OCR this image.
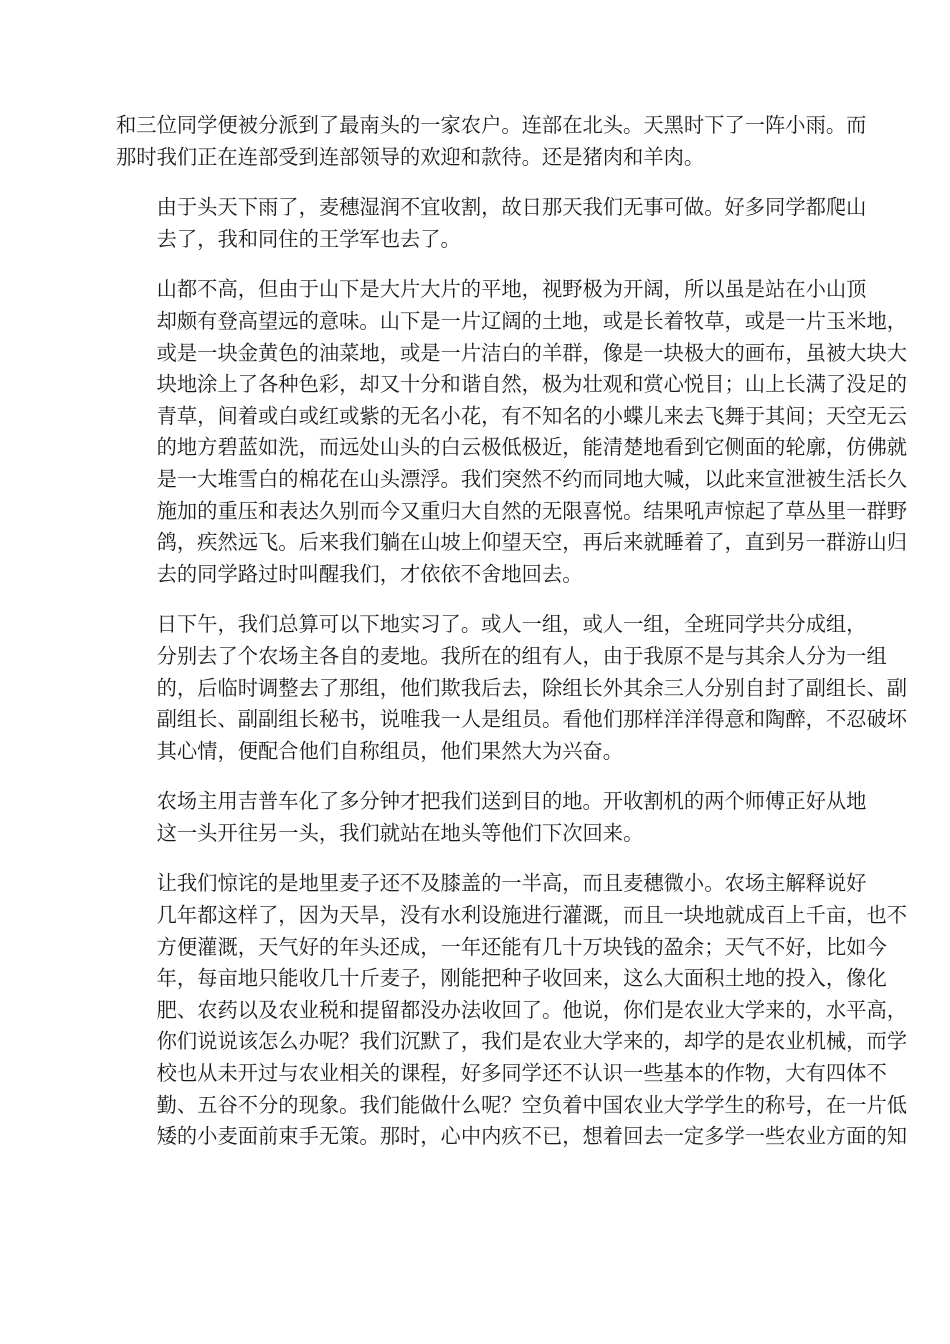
和三位同学便被分派到了最南头的一家农户。连部在北头。天黑时下了一阵小雨。而
那时我们正在连部受到连部领导的欢迎和款待。还是猪肉和羊肉。

由于头天下雨了，麦穗湿润不宜收割，故日那天我们无事可做。好多同学都爬山
去了，我和同住的王学军也去了。

山都不高，但由于山下是大片大片的平地，视野极为开阔，所以虽是站在小山顶
却颇有登高望远的意味。山下是一片辽阔的土地，或是长着牧草，或是一片玉米地，
或是一块金黄色的油菜地，或是一片洁白的羊群，像是一块极大的画布，虽被大块大
块地涂上了各种色彩，却又十分和谐自然，极为壮观和赏心悦目；山上长满了没足的
青草，间着或白或红或紫的无名小花，有不知名的小蝶儿来去飞舞于其间；天空无云
的地方碧蓝如洗，而远处山头的白云极低极近，能清楚地看到它侧面的轮廓，仿佛就
是一大堆雪白的棉花在山头漂浮。我们突然不约而同地大喊，以此来宣泄被生活长久
施加的重压和表达久别而今又重归大自然的无限喜悦。结果吼声惊起了草丛里一群野
鸽，疾然远飞。后来我们躺在山坡上仰望天空，再后来就睡着了，直到另一群游山归
去的同学路过时叫醒我们，才依依不舍地回去。

日下午，我们总算可以下地实习了。或人一组，或人一组，全班同学共分成组，
分别去了个农场主各自的麦地。我所在的组有人，由于我原不是与其余人分为一组
的，后临时调整去了那组，他们欺我后去，除组长外其余三人分别自封了副组长、副
副组长、副副组长秘书，说唯我一人是组员。看他们那样洋洋得意和陶醉，不忍破坏
其心情，便配合他们自称组员，他们果然大为兴奋。

农场主用吉普车化了多分钟才把我们送到目的地。开收割机的两个师傅正好从地
这一头开往另一头，我们就站在地头等他们下次回来。

让我们惊诧的是地里麦子还不及膝盖的一半高，而且麦穗微小。农场主解释说好
几年都这样了，因为天旱，没有水利设施进行灌溉，而且一块地就成百上千亩，也不
方便灌溉，天气好的年头还成，一年还能有几十万块钱的盈余；天气不好，比如今
年，每亩地只能收几十斤麦子，刚能把种子收回来，这么大面积土地的投入，像化
肥、农药以及农业税和提留都没办法收回了。他说，你们是农业大学来的，水平高，
你们说说该怎么办呢？我们沉默了，我们是农业大学来的，却学的是农业机械，而学
校也从未开过与农业相关的课程，好多同学还不认识一些基本的作物，大有四体不
勤、五谷不分的现象。我们能做什么呢？空负着中国农业大学学生的称号，在一片低
矮的小麦面前束手无策。那时，心中内疚不已，想着回去一定多学一些农业方面的知
